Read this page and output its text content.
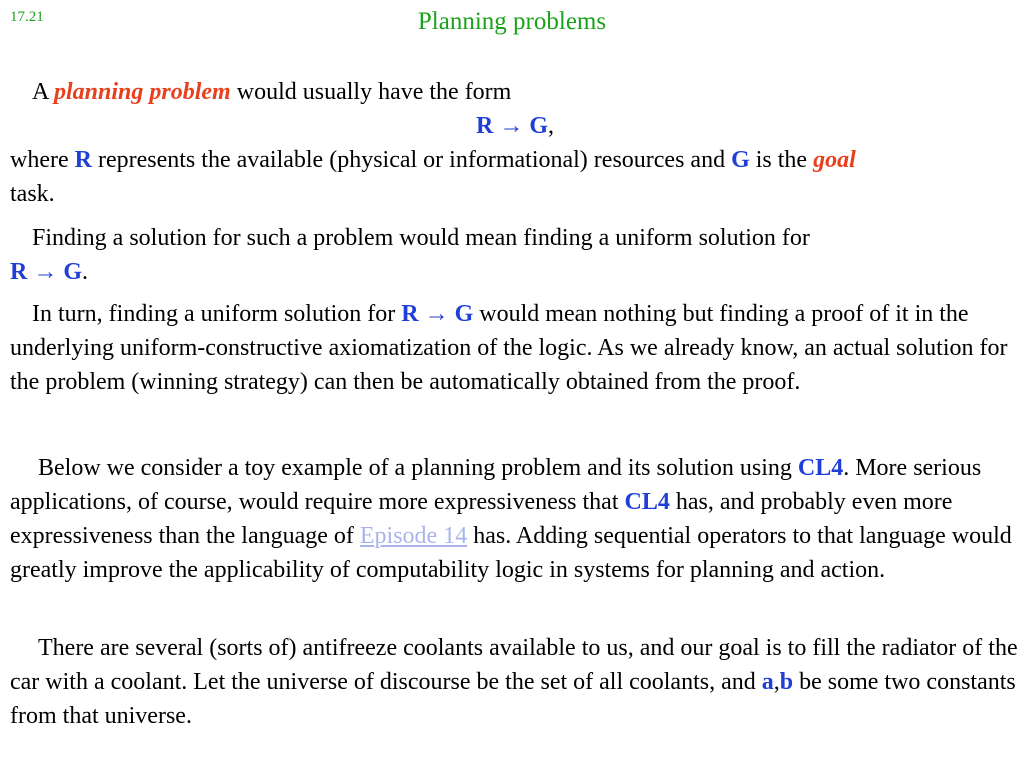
17.21	Planning problems
A planning problem would usually have the form
R → G,
where R represents the available (physical or informational) resources and G is the goal
task.
Finding a solution for such a problem would mean finding a uniform solution for
R → G.
In turn, finding a uniform solution for R → G would mean nothing but finding a proof of it in the underlying uniform-constructive axiomatization of the logic. As we already know, an actual solution for the problem (winning strategy) can then be automatically obtained from the proof.
Below we consider a toy example of a planning problem and its solution using CL4. More serious applications, of course, would require more expressiveness that CL4 has, and probably even more expressiveness than the language of Episode 14 has. Adding sequential operators to that language would greatly improve the applicability of computability logic in systems for planning and action.
There are several (sorts of) antifreeze coolants available to us, and our goal is to fill the radiator of the car with a coolant. Let the universe of discourse be the set of all coolants, and a,b be some two constants from that universe.
